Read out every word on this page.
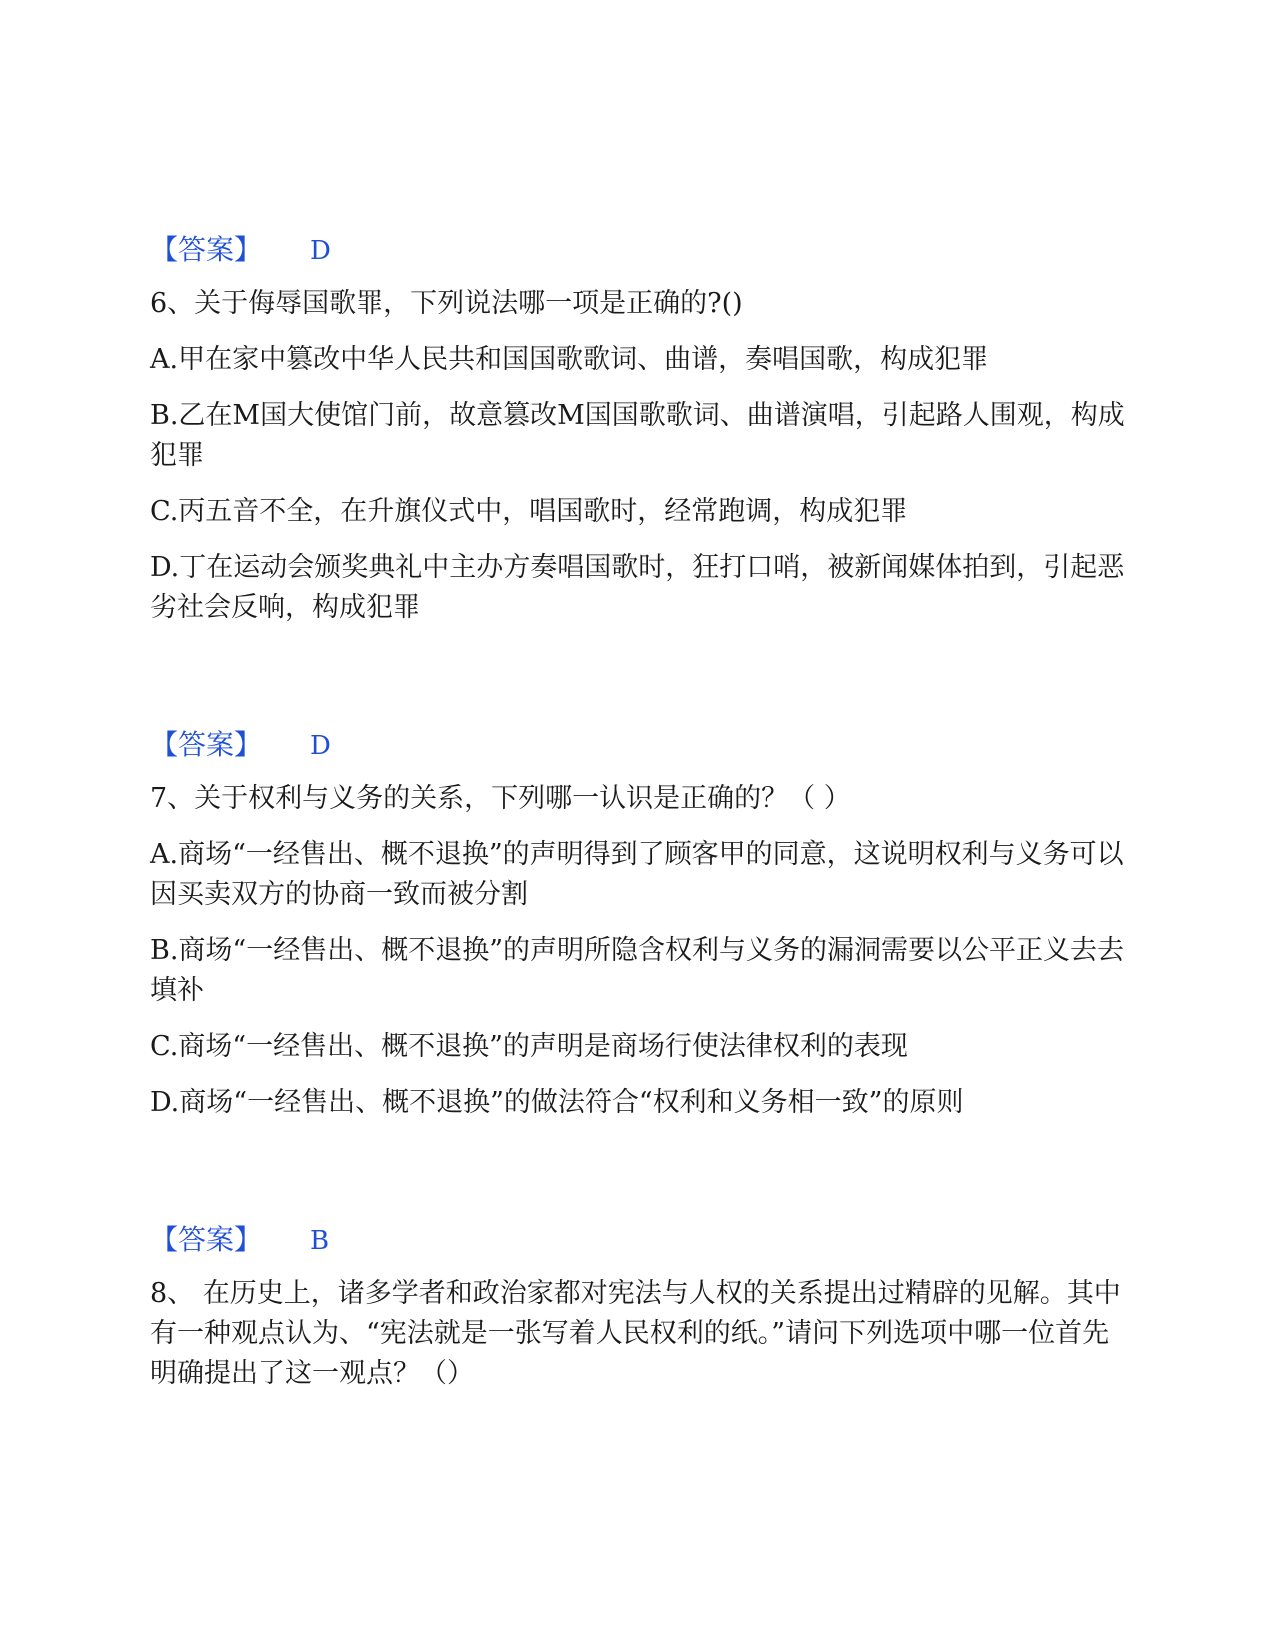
【答案】 D

6、关于侮辱国歌罪，下列说法哪一项是正确的?()

A.甲在家中篡改中华人民共和国国歌歌词、曲谱，奏唱国歌，构成犯罪

B.乙在M国大使馆门前，故意篡改M国国歌歌词、曲谱演唱，引起路人围观，构成犯罪

C.丙五音不全，在升旗仪式中，唱国歌时，经常跑调，构成犯罪

D.丁在运动会颁奖典礼中主办方奏唱国歌时，狂打口哨，被新闻媒体拍到，引起恶劣社会反响，构成犯罪

【答案】 D

7、关于权利与义务的关系，下列哪一认识是正确的？（ ）

A.商场“一经售出、概不退换”的声明得到了顾客甲的同意，这说明权利与义务可以 因买卖双方的协商一致而被分割

B.商场“一经售出、概不退换”的声明所隐含权利与义务的漏洞需要以公平正义去去填补

C.商场“一经售出、概不退换”的声明是商场行使法律权利的表现

D.商场“一经售出、概不退换”的做法符合“权利和义务相一致”的原则

【答案】 B

8、 在历史上，诸多学者和政治家都对宪法与人权的关系提出过精辟的见解。其中有一种观点认为、“宪法就是一张写着人民权利的纸。”请问下列选项中哪一位首先明确提出了这一观点？（）
